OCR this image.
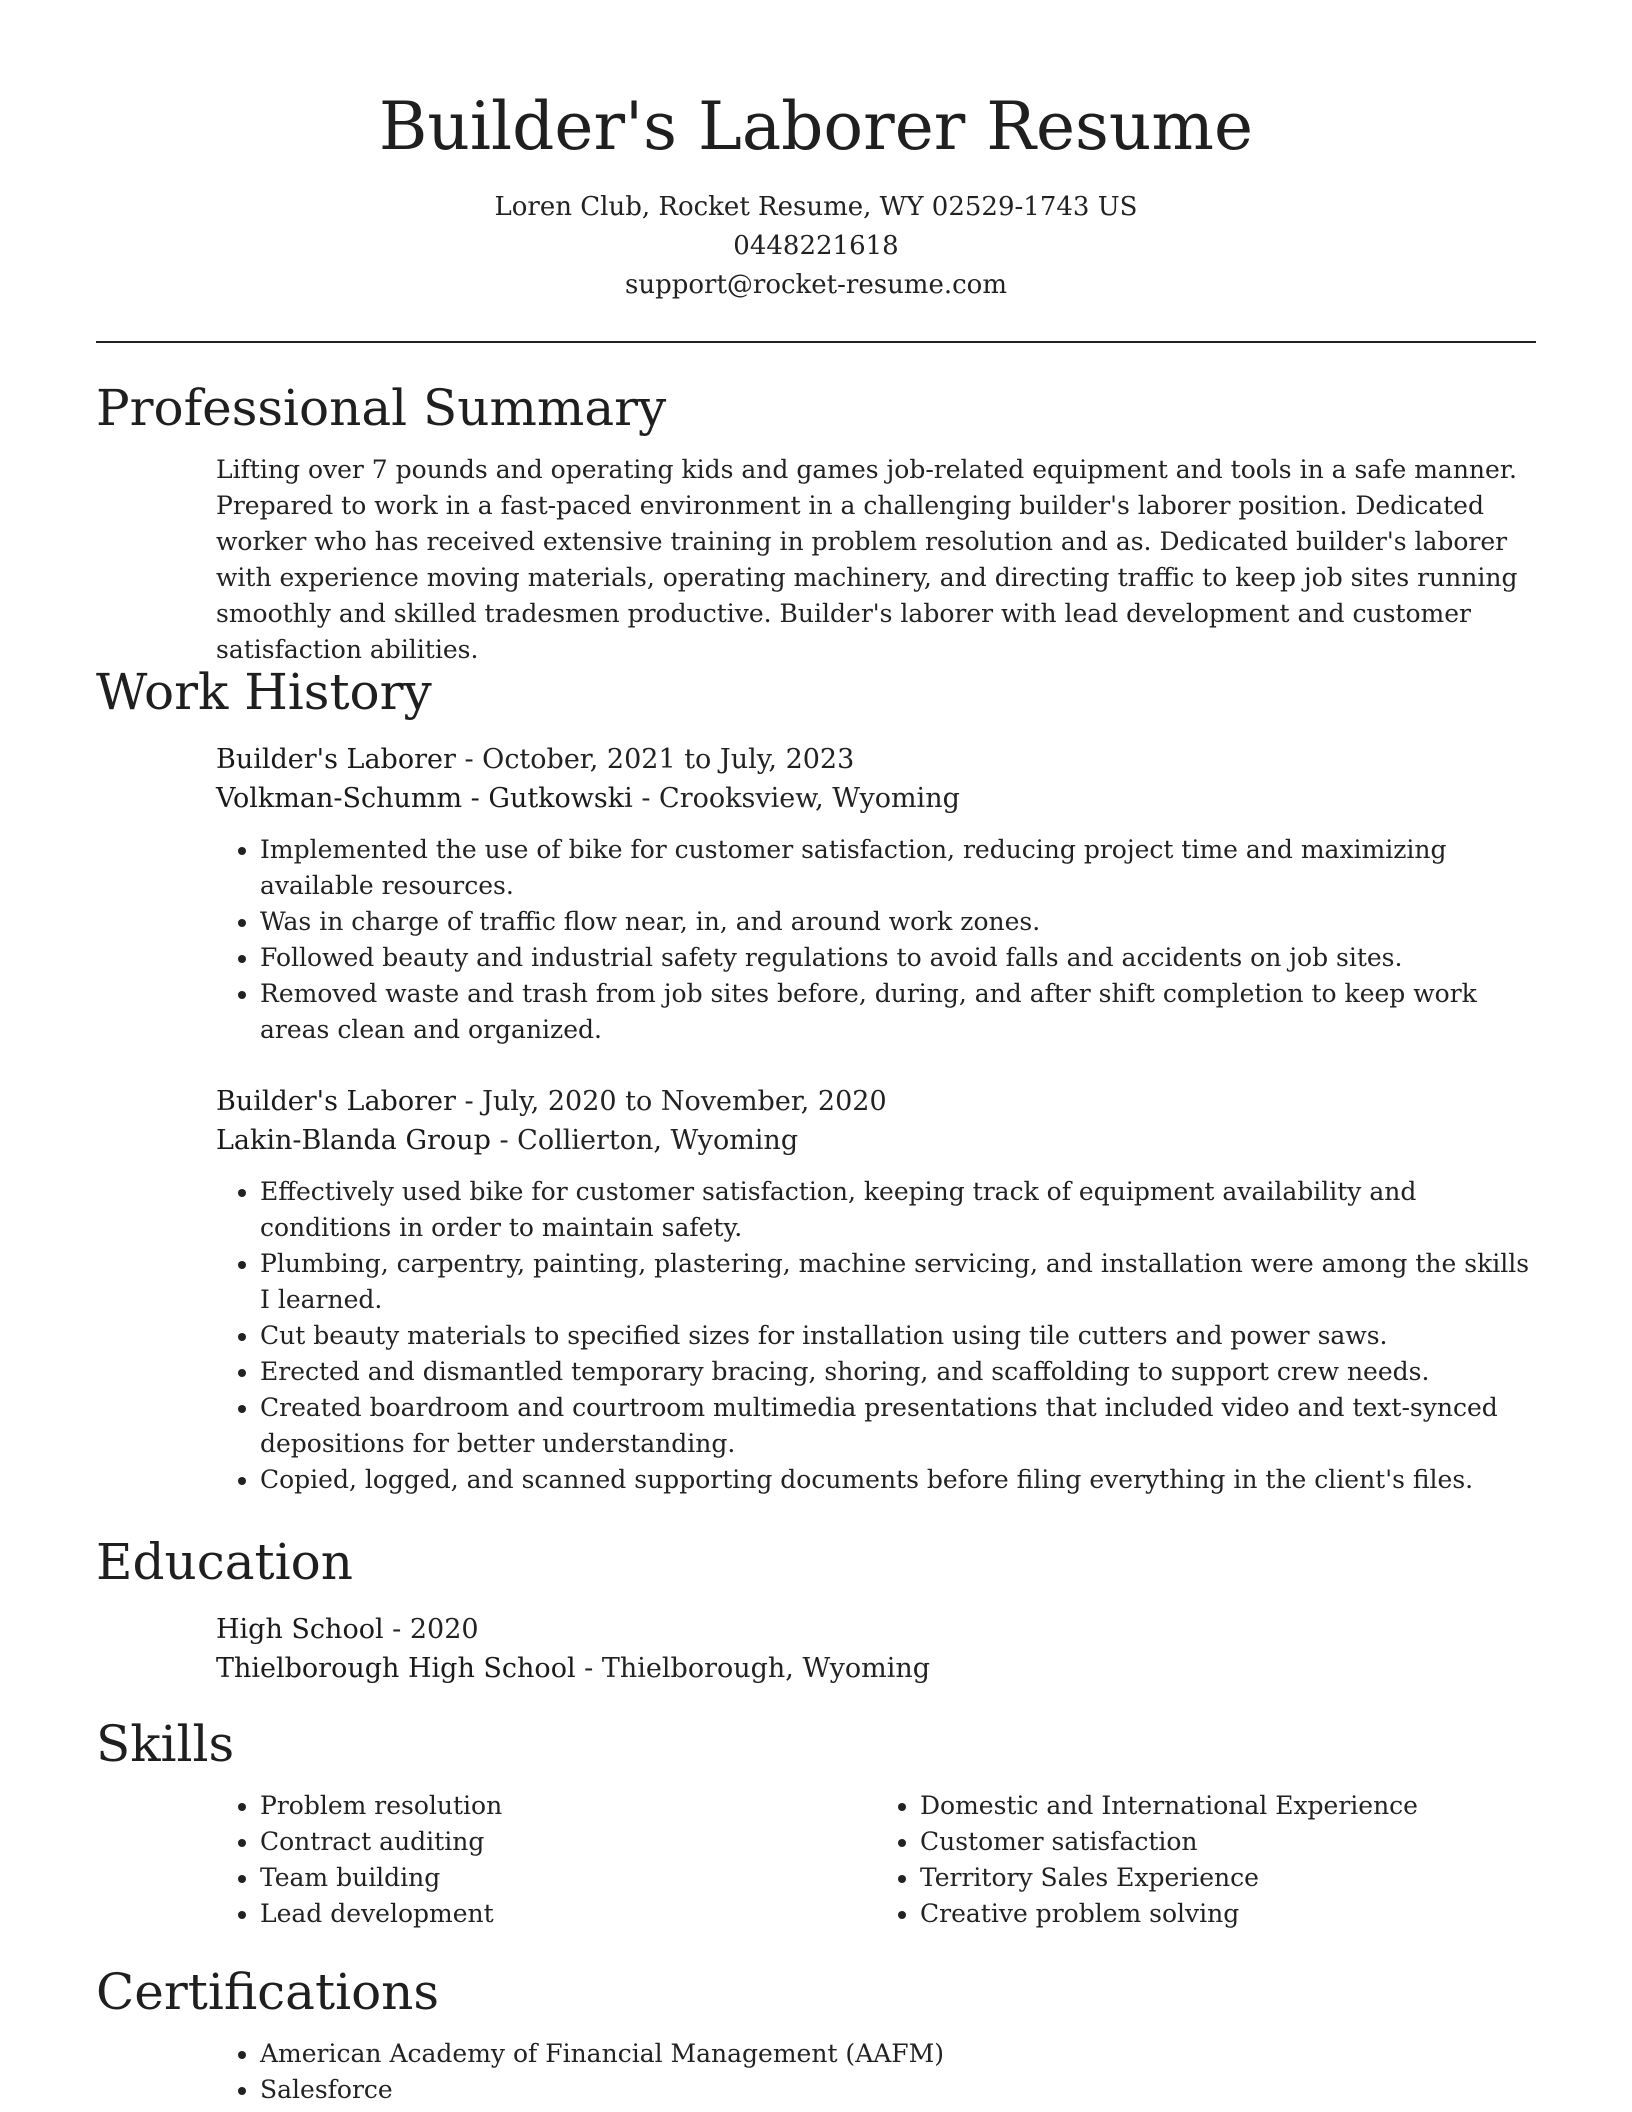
Builder's Laborer Resume
Loren Club, Rocket Resume, WY 02529-1743 US
0448221618
support@rocket-resume.com
Professional Summary
Lifting over 7 pounds and operating kids and games job-related equipment and tools in a safe manner. Prepared to work in a fast-paced environment in a challenging builder's laborer position. Dedicated worker who has received extensive training in problem resolution and as. Dedicated builder's laborer with experience moving materials, operating machinery, and directing traffic to keep job sites running smoothly and skilled tradesmen productive. Builder's laborer with lead development and customer satisfaction abilities.
Work History
Builder's Laborer - October, 2021 to July, 2023
Volkman-Schumm - Gutkowski - Crooksview, Wyoming
• Implemented the use of bike for customer satisfaction, reducing project time and maximizing available resources.
• Was in charge of traffic flow near, in, and around work zones.
• Followed beauty and industrial safety regulations to avoid falls and accidents on job sites.
• Removed waste and trash from job sites before, during, and after shift completion to keep work areas clean and organized.
Builder's Laborer - July, 2020 to November, 2020
Lakin-Blanda Group - Collierton, Wyoming
• Effectively used bike for customer satisfaction, keeping track of equipment availability and conditions in order to maintain safety.
• Plumbing, carpentry, painting, plastering, machine servicing, and installation were among the skills I learned.
• Cut beauty materials to specified sizes for installation using tile cutters and power saws.
• Erected and dismantled temporary bracing, shoring, and scaffolding to support crew needs.
• Created boardroom and courtroom multimedia presentations that included video and text-synced depositions for better understanding.
• Copied, logged, and scanned supporting documents before filing everything in the client's files.
Education
High School - 2020
Thielborough High School - Thielborough, Wyoming
Skills
• Problem resolution
• Contract auditing
• Team building
• Lead development
• Domestic and International Experience
• Customer satisfaction
• Territory Sales Experience
• Creative problem solving
Certifications
• American Academy of Financial Management (AAFM)
• Salesforce
